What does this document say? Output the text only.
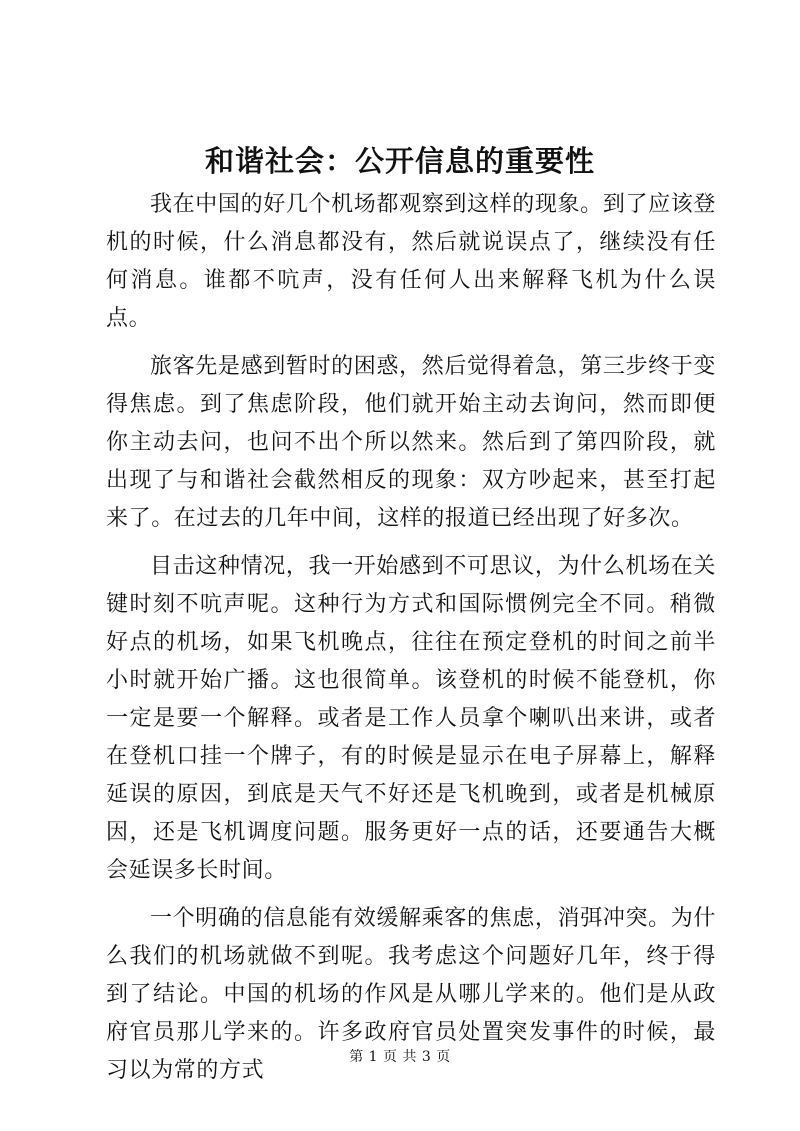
和谐社会：公开信息的重要性

我在中国的好几个机场都观察到这样的现象。到了应该登机的时候，什么消息都没有，然后就说误点了，继续没有任何消息。谁都不吭声，没有任何人出来解释飞机为什么误点。

旅客先是感到暂时的困惑，然后觉得着急，第三步终于变得焦虑。到了焦虑阶段，他们就开始主动去询问，然而即便你主动去问，也问不出个所以然来。然后到了第四阶段，就出现了与和谐社会截然相反的现象：双方吵起来，甚至打起来了。在过去的几年中间，这样的报道已经出现了好多次。

目击这种情况，我一开始感到不可思议，为什么机场在关键时刻不吭声呢。这种行为方式和国际惯例完全不同。稍微好点的机场，如果飞机晚点，往往在预定登机的时间之前半小时就开始广播。这也很简单。该登机的时候不能登机，你一定是要一个解释。或者是工作人员拿个喇叭出来讲，或者在登机口挂一个牌子，有的时候是显示在电子屏幕上，解释延误的原因，到底是天气不好还是飞机晚到，或者是机械原因，还是飞机调度问题。服务更好一点的话，还要通告大概会延误多长时间。

一个明确的信息能有效缓解乘客的焦虑，消弭冲突。为什么我们的机场就做不到呢。我考虑这个问题好几年，终于得到了结论。中国的机场的作风是从哪儿学来的。他们是从政府官员那儿学来的。许多政府官员处置突发事件的时候，最习以为常的方式

第 1 页 共 3 页
